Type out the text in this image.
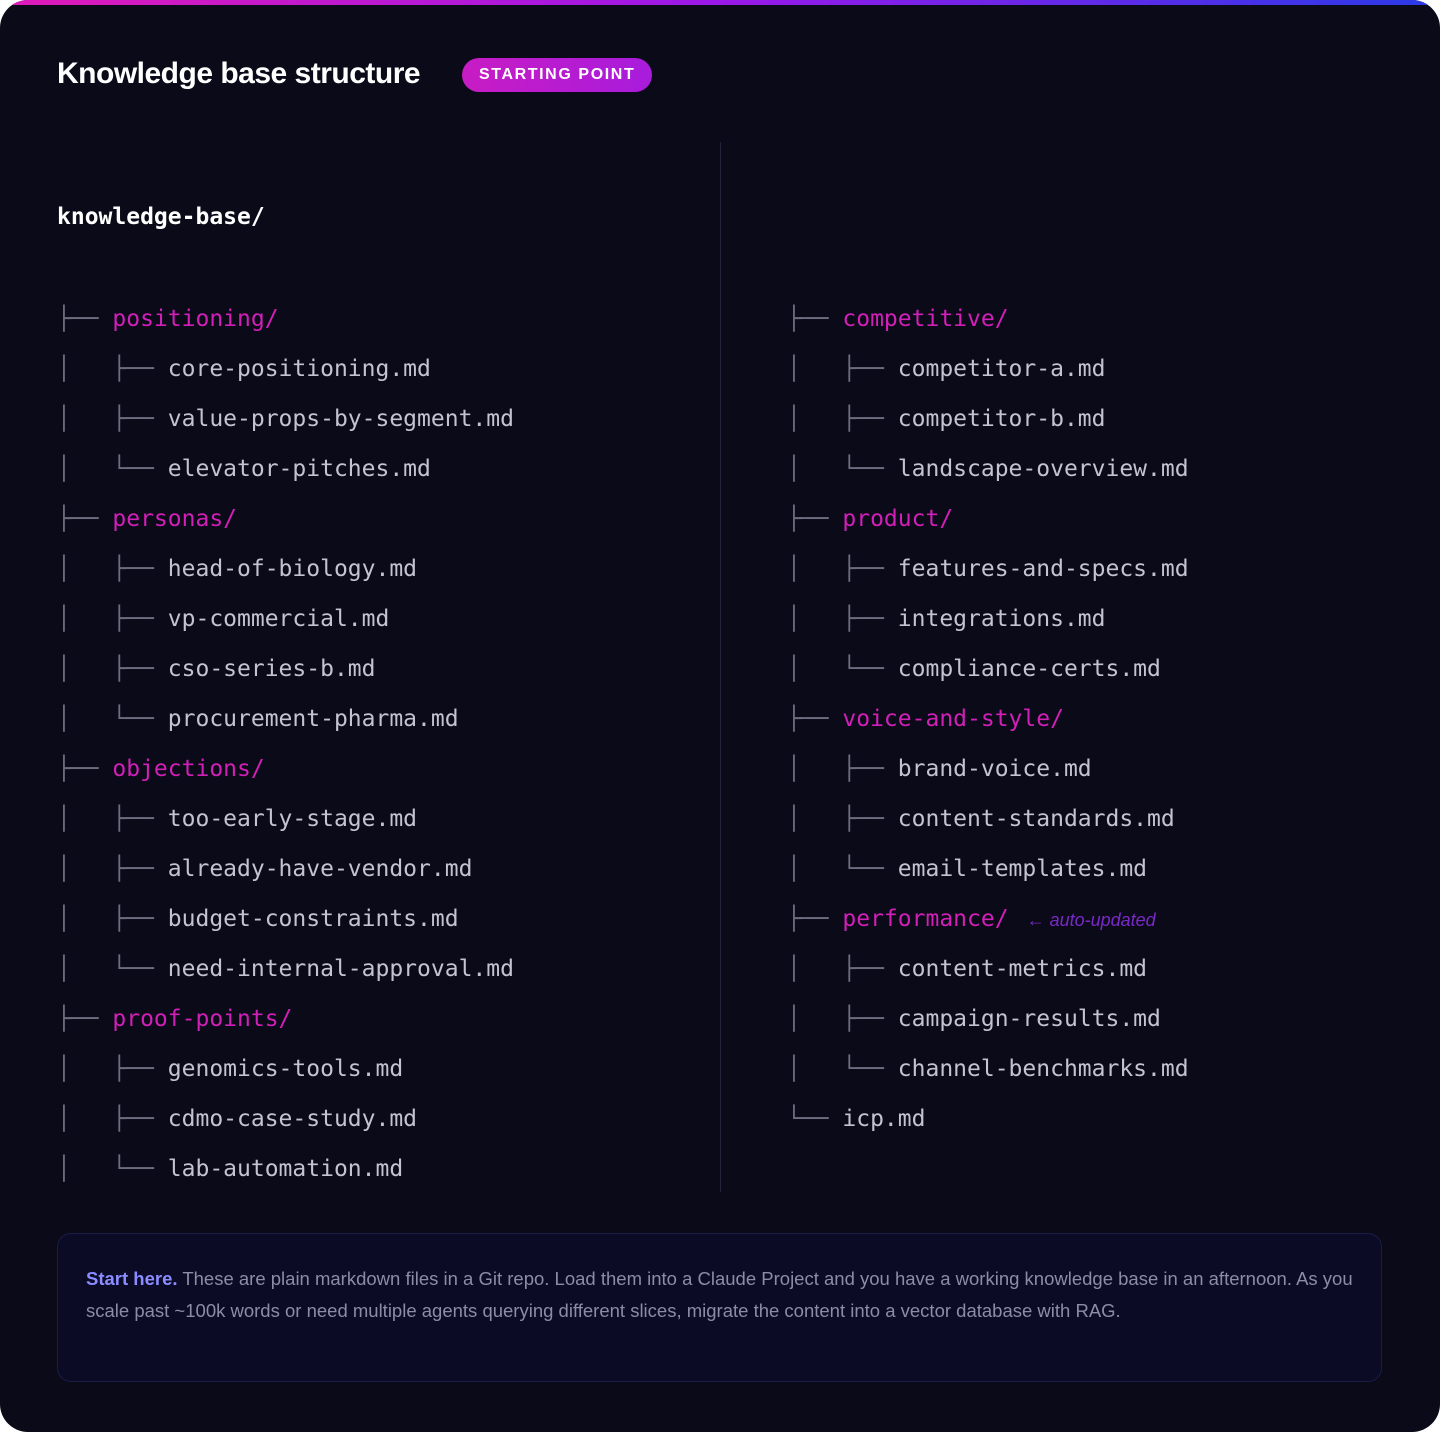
Knowledge base structure	STARTING POINT

knowledge-base/

├── positioning/
│   ├── core-positioning.md
│   ├── value-props-by-segment.md
│   └── elevator-pitches.md
├── personas/
│   ├── head-of-biology.md
│   ├── vp-commercial.md
│   ├── cso-series-b.md
│   └── procurement-pharma.md
├── objections/
│   ├── too-early-stage.md
│   ├── already-have-vendor.md
│   ├── budget-constraints.md
│   └── need-internal-approval.md
├── proof-points/
│   ├── genomics-tools.md
│   ├── cdmo-case-study.md
│   └── lab-automation.md

├── competitive/
│   ├── competitor-a.md
│   ├── competitor-b.md
│   └── landscape-overview.md
├── product/
│   ├── features-and-specs.md
│   ├── integrations.md
│   └── compliance-certs.md
├── voice-and-style/
│   ├── brand-voice.md
│   ├── content-standards.md
│   └── email-templates.md
├── performance/ ← auto-updated
│   ├── content-metrics.md
│   ├── campaign-results.md
│   └── channel-benchmarks.md
└── icp.md
Start here. These are plain markdown files in a Git repo. Load them into a Claude Project and you have a working knowledge base in an afternoon. As you scale past ~100k words or need multiple agents querying different slices, migrate the content into a vector database with RAG.
